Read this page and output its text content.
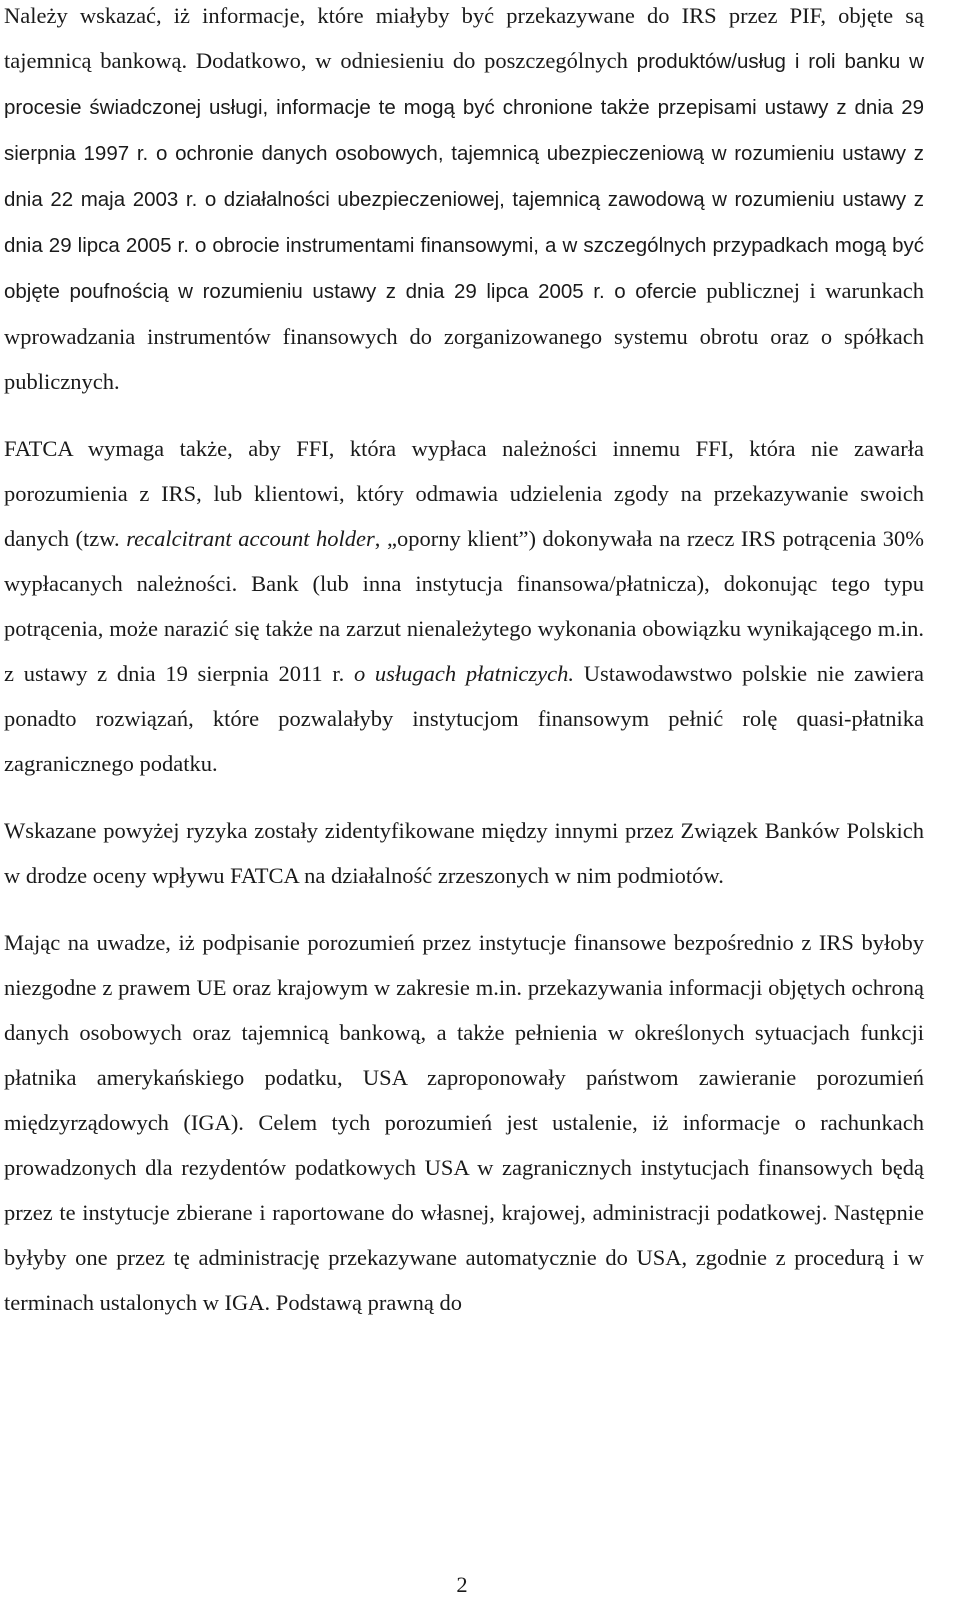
Należy wskazać, iż informacje, które miałyby być przekazywane do IRS przez PIF, objęte są tajemnicą bankową. Dodatkowo, w odniesieniu do poszczególnych produktów/usług i roli banku w procesie świadczonej usługi, informacje te mogą być chronione także przepisami ustawy z dnia 29 sierpnia 1997 r. o ochronie danych osobowych, tajemnicą ubezpieczeniową w rozumieniu ustawy z dnia 22 maja 2003 r. o działalności ubezpieczeniowej, tajemnicą zawodową w rozumieniu ustawy z dnia 29 lipca 2005 r. o obrocie instrumentami finansowymi, a w szczególnych przypadkach mogą być objęte poufnością w rozumieniu ustawy z dnia 29 lipca 2005 r. o ofercie publicznej i warunkach wprowadzania instrumentów finansowych do zorganizowanego systemu obrotu oraz o spółkach publicznych.

FATCA wymaga także, aby FFI, która wypłaca należności innemu FFI, która nie zawarła porozumienia z IRS, lub klientowi, który odmawia udzielenia zgody na przekazywanie swoich danych (tzw. recalcitrant account holder, „oporny klient”) dokonywała na rzecz IRS potrącenia 30% wypłacanych należności. Bank (lub inna instytucja finansowa/płatnicza), dokonując tego typu potrącenia, może narazić się także na zarzut nienależytego wykonania obowiązku wynikającego m.in. z ustawy z dnia 19 sierpnia 2011 r. o usługach płatniczych. Ustawodawstwo polskie nie zawiera ponadto rozwiązań, które pozwalałyby instytucjom finansowym pełnić rolę quasi-płatnika zagranicznego podatku.

Wskazane powyżej ryzyka zostały zidentyfikowane między innymi przez Związek Banków Polskich w drodze oceny wpływu FATCA na działalność zrzeszonych w nim podmiotów.

Mając na uwadze, iż podpisanie porozumień przez instytucje finansowe bezpośrednio z IRS byłoby niezgodne z prawem UE oraz krajowym w zakresie m.in. przekazywania informacji objętych ochroną danych osobowych oraz tajemnicą bankową, a także pełnienia w określonych sytuacjach funkcji płatnika amerykańskiego podatku, USA zaproponowały państwom zawieranie porozumień międzyrządowych (IGA). Celem tych porozumień jest ustalenie, iż informacje o rachunkach prowadzonych dla rezydentów podatkowych USA w zagranicznych instytucjach finansowych będą przez te instytucje zbierane i raportowane do własnej, krajowej, administracji podatkowej. Następnie byłyby one przez tę administrację przekazywane automatycznie do USA, zgodnie z procedurą i w terminach ustalonych w IGA. Podstawą prawną do

2
